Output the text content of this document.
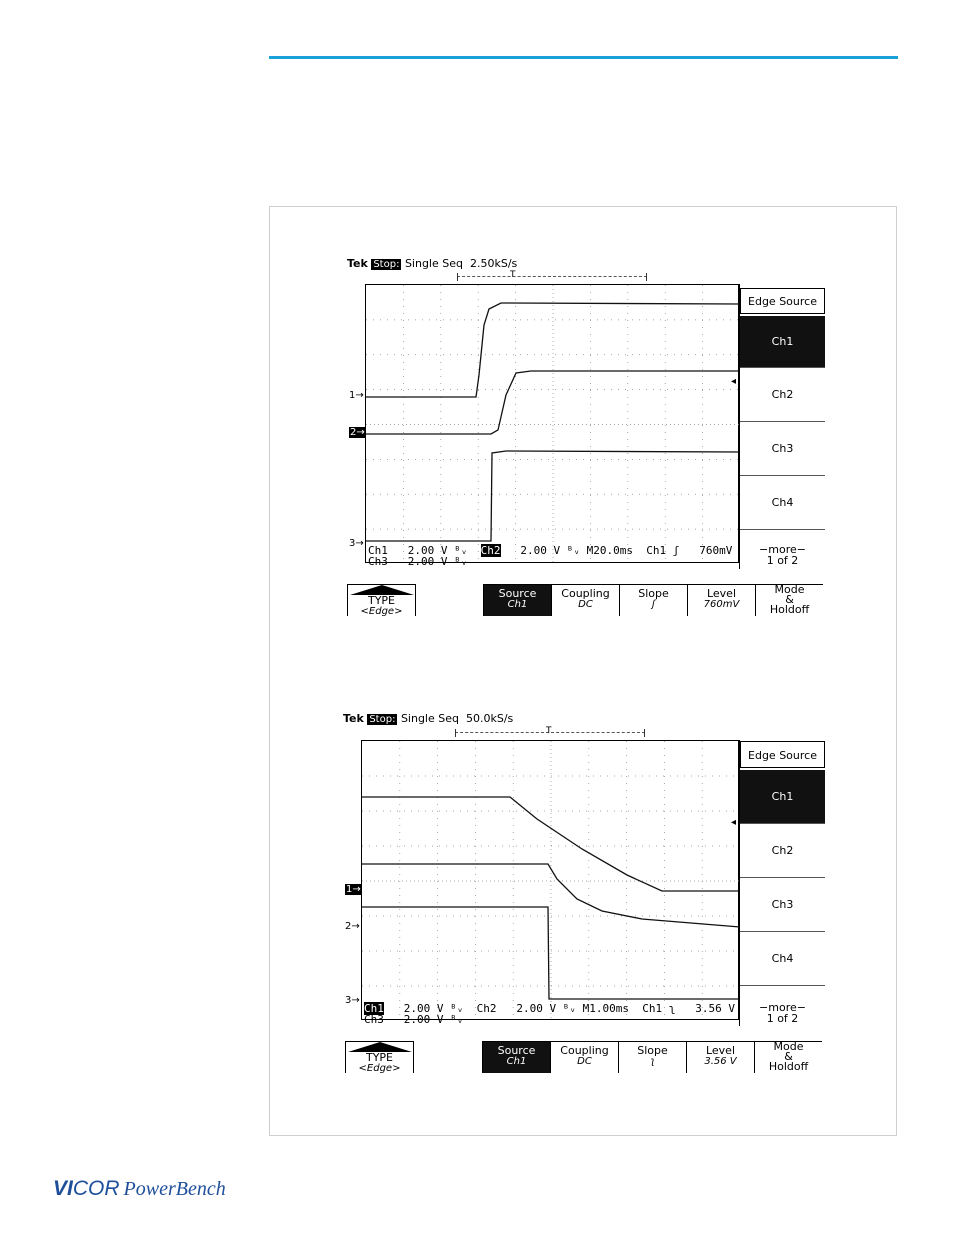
Tek Stop: Single Seq 2.50kS/s
T
1→
2→
3→
◂
Ch1 2.00 V ᴮᵥ Ch2 2.00 V ᴮᵥ M20.0ms Ch1 ʃ 760mV
Ch3 2.00 V ᴮᵥ
Edge Source
Ch1
Ch2
Ch3
Ch4
−more−
1 of 2
TYPE
<Edge>
Source
Ch1
Coupling
DC
Slope
ʃ
Level
760mV
Mode
&
Holdoff
Tek Stop: Single Seq 50.0kS/s
T
1→
2→
3→
◂
Ch1 2.00 V ᴮᵥ Ch2 2.00 V ᴮᵥ M1.00ms Ch1 ʅ 3.56 V
Ch3 2.00 V ᴮᵥ
Edge Source
Ch1
Ch2
Ch3
Ch4
−more−
1 of 2
TYPE
<Edge>
Source
Ch1
Coupling
DC
Slope
ʅ
Level
3.56 V
Mode
&
Holdoff
VICOR PowerBench
